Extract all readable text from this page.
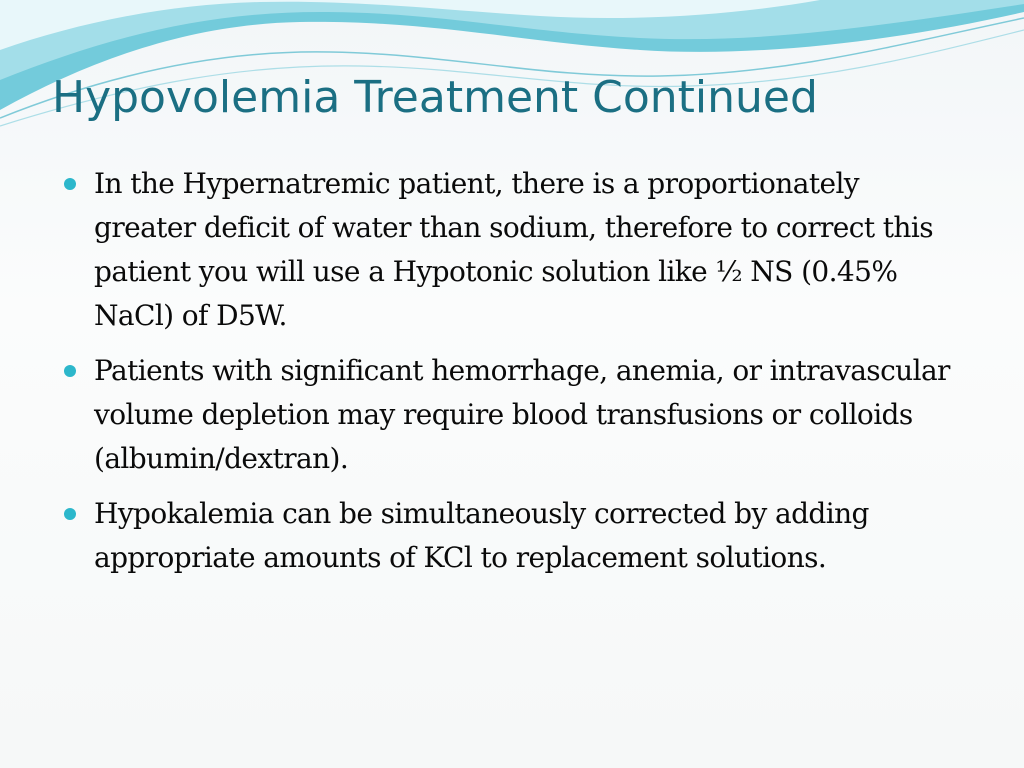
Hypovolemia Treatment Continued
In the Hypernatremic patient, there is a proportionately greater deficit of water than sodium, therefore to correct this patient you will use a Hypotonic solution like ½ NS (0.45% NaCl) of D5W.
Patients with significant hemorrhage, anemia, or intravascular volume depletion may require blood transfusions or colloids (albumin/dextran).
Hypokalemia can be simultaneously corrected by adding appropriate amounts of KCl to replacement solutions.
